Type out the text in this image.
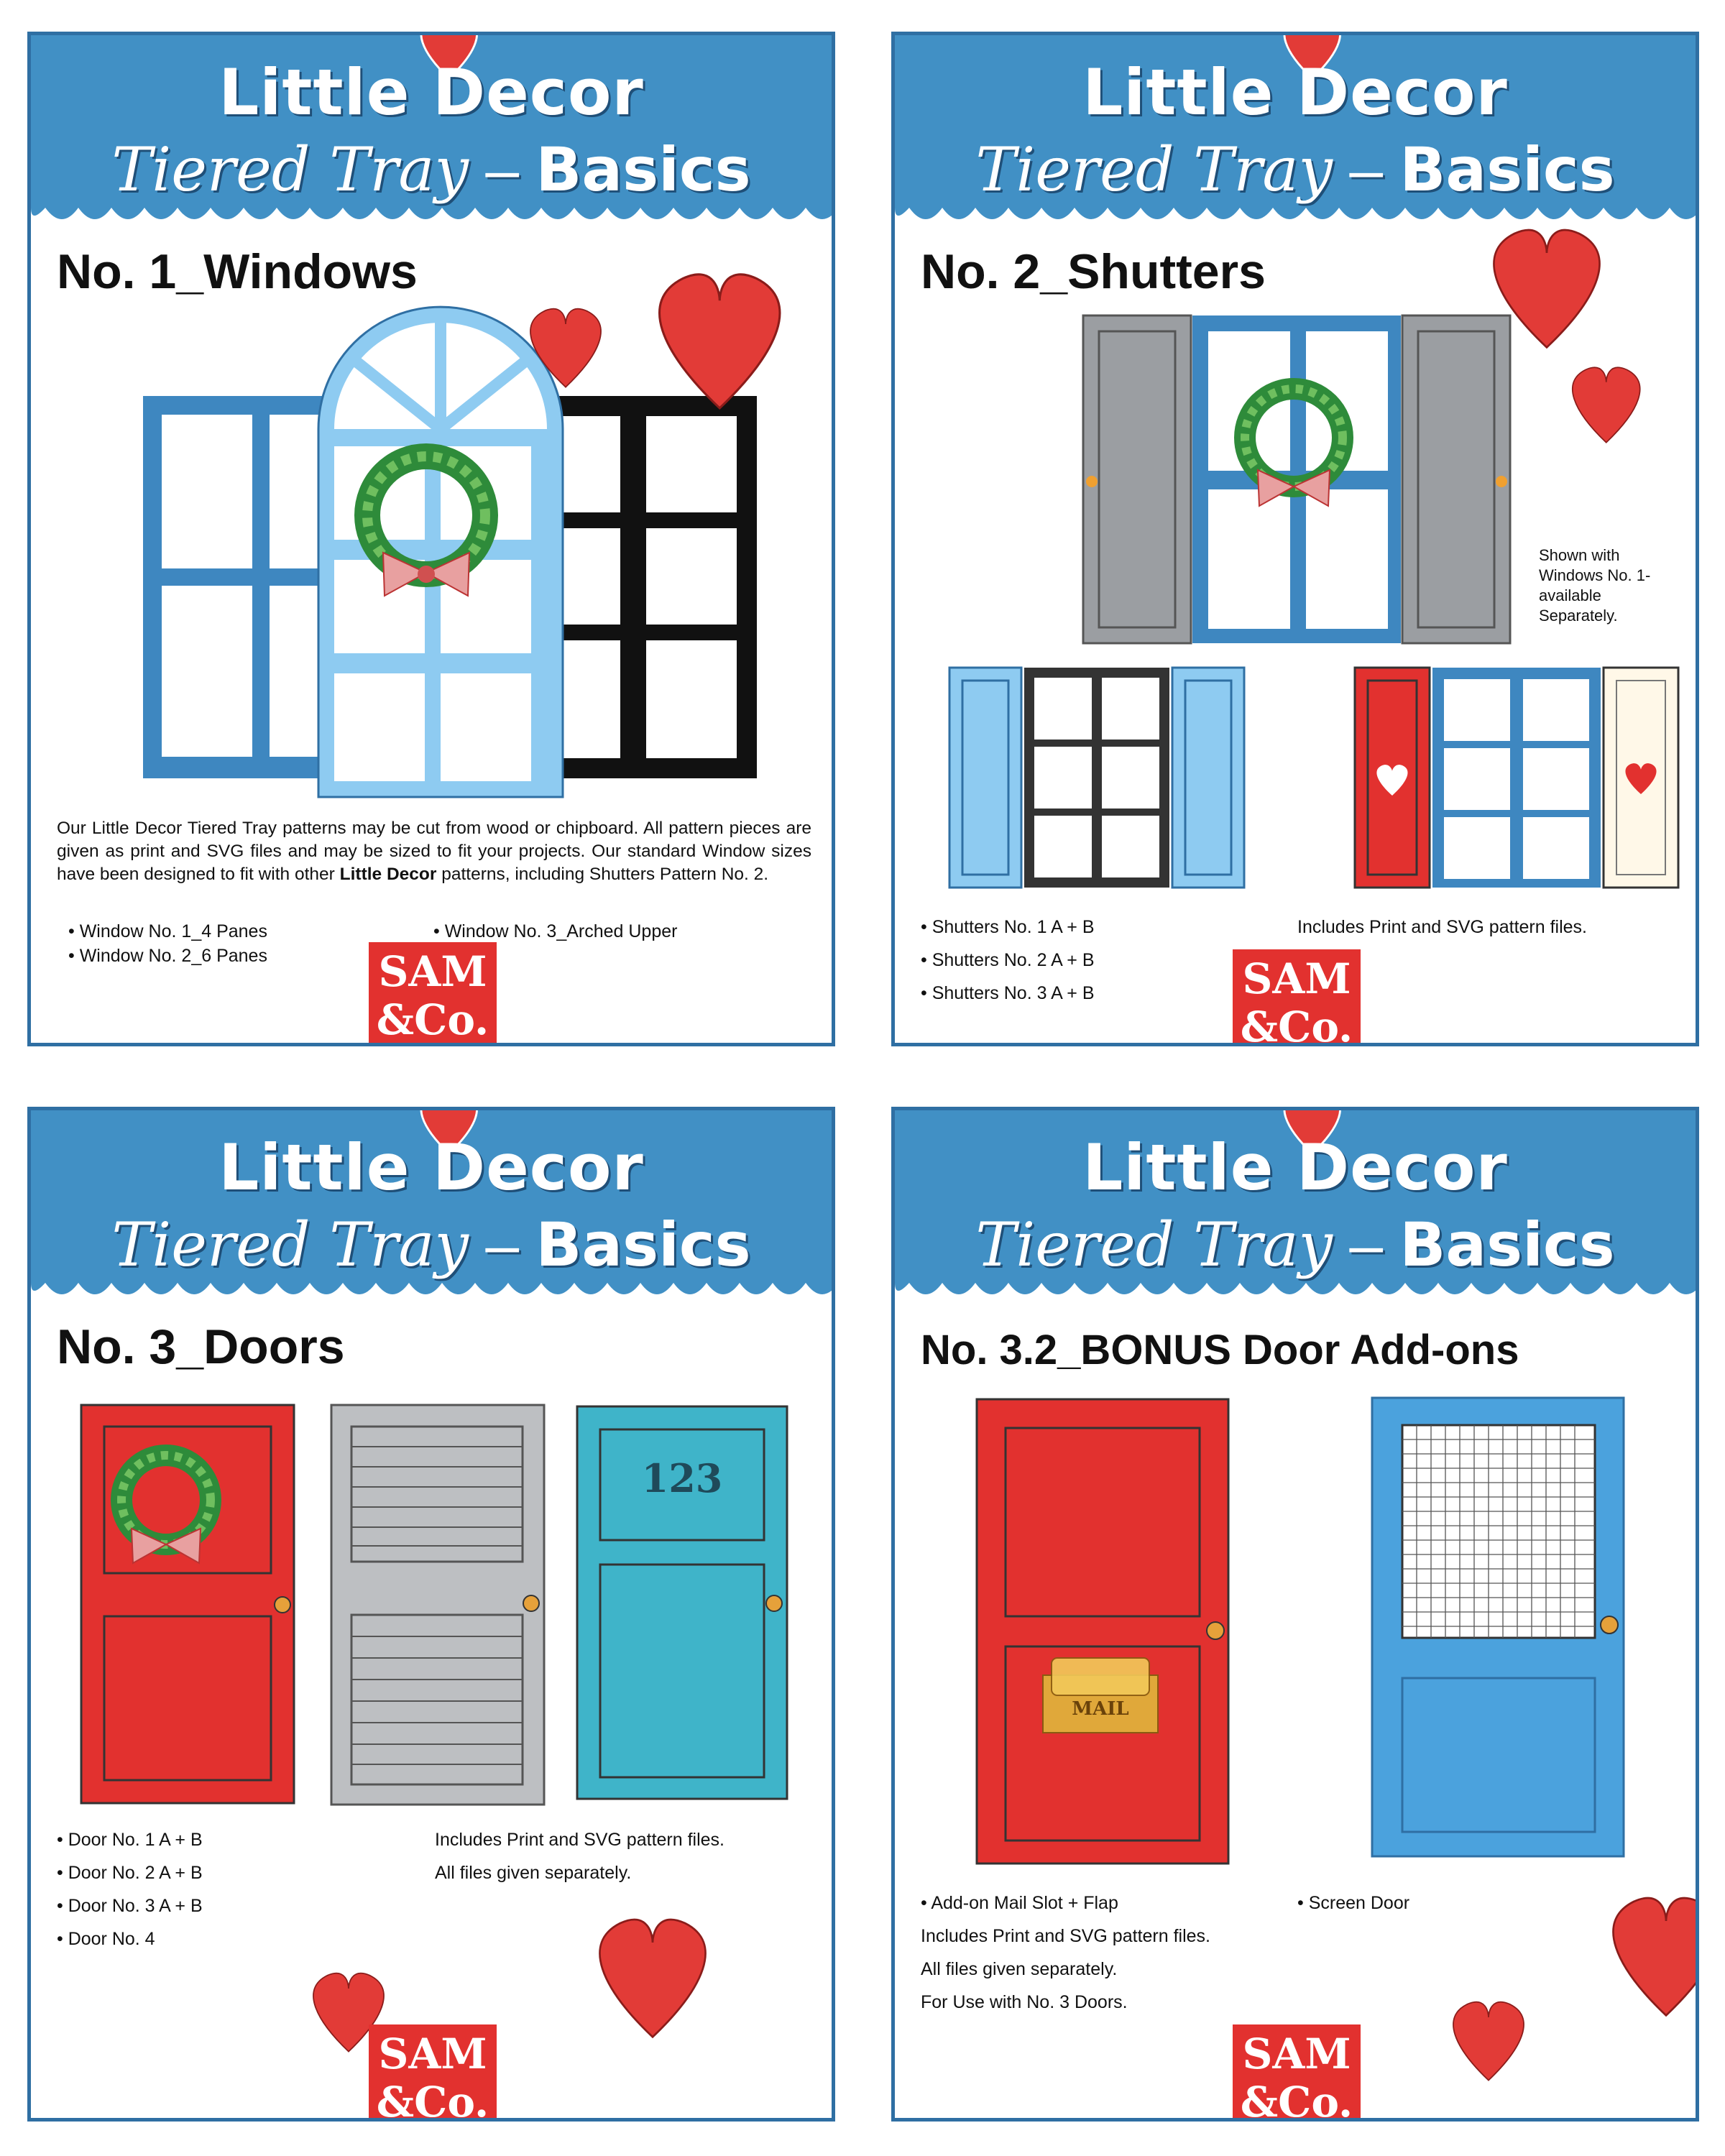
Little Decor
Tiered Tray – Basics
No. 1_Windows
Our Little Decor Tiered Tray patterns may be cut from wood or chipboard. All pattern pieces are given as print and SVG files and may be sized to fit your projects. Our standard Window sizes have been designed to fit with other Little Decor patterns, including Shutters Pattern No. 2.
• Window No. 1_4 Panes
• Window No. 2_6 Panes
• Window No. 3_Arched Upper
SAM
&Co.
Little Decor
Tiered Tray – Basics
No. 2_Shutters
Shown with
Windows No. 1-
available
Separately.
• Shutters No. 1 A + B
• Shutters No. 2 A + B
• Shutters No. 3 A + B
Includes Print and SVG pattern files.
SAM
&Co.
Little Decor
Tiered Tray – Basics
No. 3_Doors
123
• Door No. 1 A + B
• Door No. 2 A + B
• Door No. 3 A + B
• Door No. 4
Includes Print and SVG pattern files.
All files given separately.
SAM
&Co.
Little Decor
Tiered Tray – Basics
No. 3.2_BONUS Door Add-ons
MAIL
• Add-on Mail Slot + Flap	• Screen Door
Includes Print and SVG pattern files.
All files given separately.
For Use with No. 3 Doors.
SAM
&Co.
